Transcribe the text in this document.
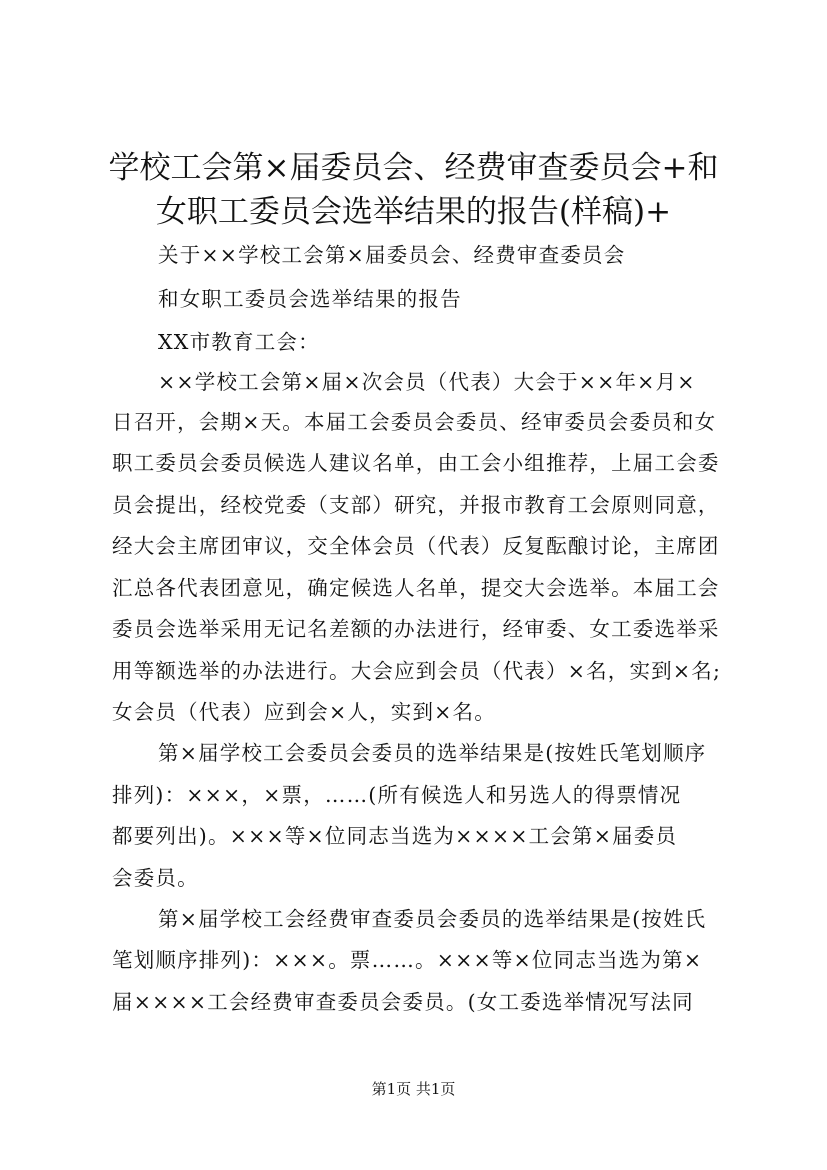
学校工会第×届委员会、经费审查委员会+和
女职工委员会选举结果的报告(样稿)+
关于××学校工会第×届委员会、经费审查委员会
和女职工委员会选举结果的报告
XX市教育工会：
××学校工会第×届×次会员（代表）大会于××年×月×
日召开，会期×天。本届工会委员会委员、经审委员会委员和女
职工委员会委员候选人建议名单，由工会小组推荐，上届工会委
员会提出，经校党委（支部）研究，并报市教育工会原则同意，
经大会主席团审议，交全体会员（代表）反复酝酿讨论，主席团
汇总各代表团意见，确定候选人名单，提交大会选举。本届工会
委员会选举采用无记名差额的办法进行，经审委、女工委选举采
用等额选举的办法进行。大会应到会员（代表）×名，实到×名;
女会员（代表）应到会×人，实到×名。
第×届学校工会委员会委员的选举结果是(按姓氏笔划顺序
排列)：×××，×票，……(所有候选人和另选人的得票情况
都要列出)。×××等×位同志当选为××××工会第×届委员
会委员。
第×届学校工会经费审查委员会委员的选举结果是(按姓氏
笔划顺序排列)：×××。票……。×××等×位同志当选为第×
届××××工会经费审查委员会委员。(女工委选举情况写法同
第1页 共1页
